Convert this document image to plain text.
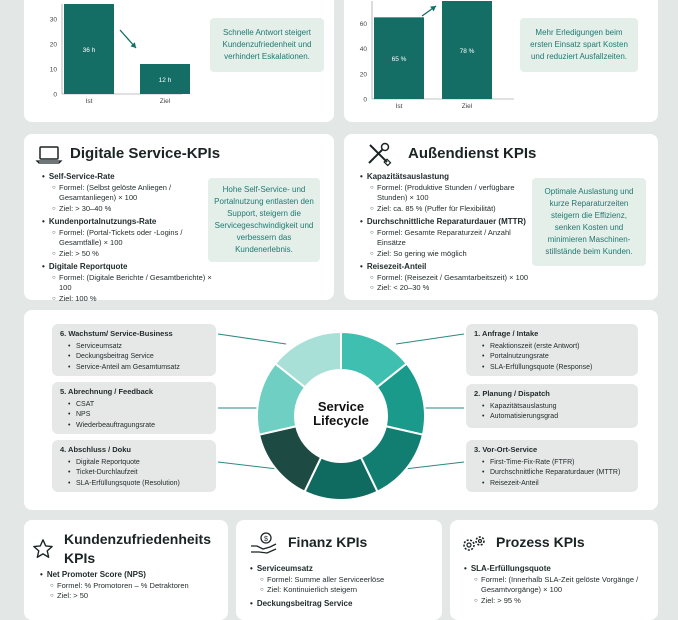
0
10
20
30
36 h
Ist
12 h
Ziel
Schnelle Antwort steigert Kundenzufriedenheit und verhindert Eskalationen.
0
20
40
60
65 %
Ist
78 %
Ziel
Mehr Erledigungen beim ersten Einsatz spart Kosten und reduziert Ausfallzeiten.
Digitale Service-KPIs
• Self-Service-Rate
○ Formel: (Selbst gelöste Anliegen / Gesamtanliegen) × 100
○ Ziel: > 30–40 %
• Kundenportalnutzungs-Rate
○ Formel: (Portal-Tickets oder -Logins / Gesamtfälle) × 100
○ Ziel: > 50 %
• Digitale Reportquote
○ Formel: (Digitale Berichte / Gesamtberichte) × 100
○ Ziel: 100 %
Hohe Self-Service- und Portalnutzung entlasten den Support, steigern die Servicegeschwindigkeit und verbessern das Kundenerlebnis.
Außendienst KPIs
• Kapazitätsauslastung
○ Formel: (Produktive Stunden / verfügbare Stunden) × 100
○ Ziel: ca. 85 % (Puffer für Flexibilität)
• Durchschnittliche Reparaturdauer (MTTR)
○ Formel: Gesamte Reparaturzeit / Anzahl Einsätze
○ Ziel: So gering wie möglich
• Reisezeit-Anteil
○ Formel: (Reisezeit / Gesamtarbeitszeit) × 100
○ Ziel: < 20–30 %
Optimale Auslastung und kurze Reparaturzeiten steigern die Effizienz, senken Kosten und minimieren Maschinen-stillstände beim Kunden.
Service
Lifecycle
6. Wachstum/ Service-Business
• Serviceumsatz
• Deckungsbeitrag Service
• Service-Anteil am Gesamtumsatz
5. Abrechnung / Feedback
• CSAT
• NPS
• Wiederbeauftragungsrate
4. Abschluss / Doku
• Digitale Reportquote
• Ticket-Durchlaufzeit
• SLA-Erfüllungsquote (Resolution)
1. Anfrage / Intake
• Reaktionszeit (erste Antwort)
• Portalnutzungsrate
• SLA-Erfüllungsquote (Response)
2. Planung / Dispatch
• Kapazitätsauslastung
• Automatisierungsgrad
3. Vor-Ort-Service
• First-Time-Fix-Rate (FTFR)
• Durchschnittliche Reparaturdauer (MTTR)
• Reisezeit-Anteil
Kundenzufriedenheits
KPIs
• Net Promoter Score (NPS)
○ Formel: % Promotoren – % Detraktoren
○ Ziel: > 50
$ Finanz KPIs
• Serviceumsatz
○ Formel: Summe aller Serviceerlöse
○ Ziel: Kontinuierlich steigern
• Deckungsbeitrag Service
Prozess KPIs
• SLA-Erfüllungsquote
○ Formel: (Innerhalb SLA-Zeit gelöste Vorgänge / Gesamtvorgänge) × 100
○ Ziel: > 95 %
